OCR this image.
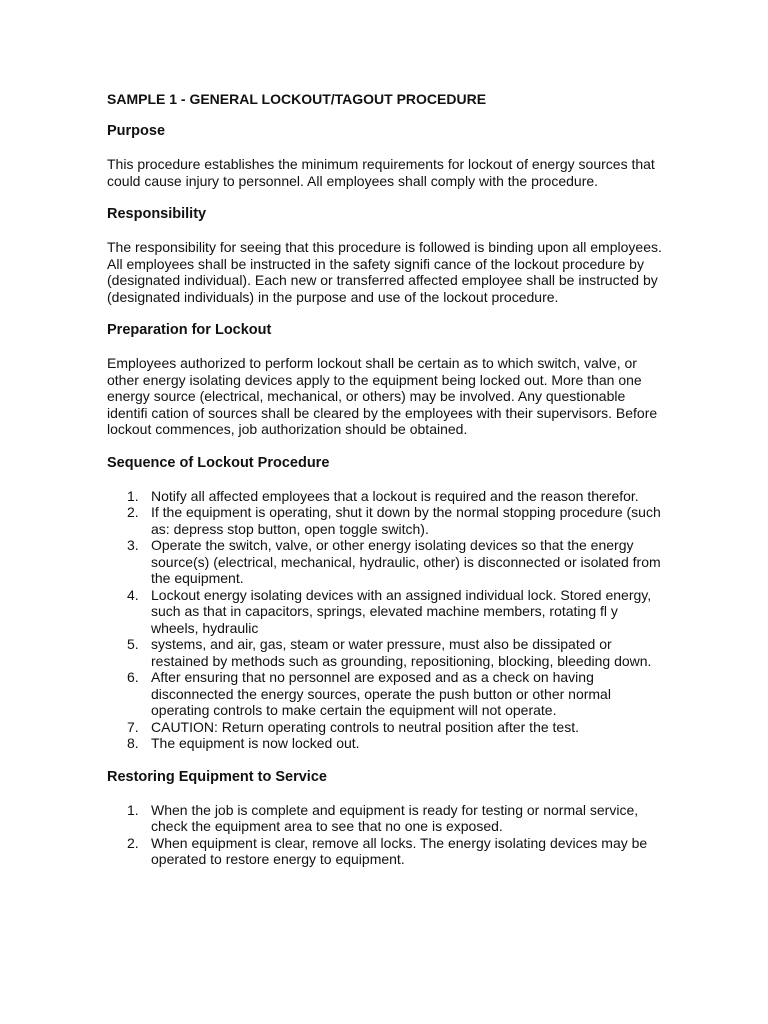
SAMPLE 1 - GENERAL LOCKOUT/TAGOUT PROCEDURE
Purpose
This procedure establishes the minimum requirements for lockout of energy sources that could cause injury to personnel. All employees shall comply with the procedure.
Responsibility
The responsibility for seeing that this procedure is followed is binding upon all employees. All employees shall be instructed in the safety signifi cance of the lockout procedure by (designated individual). Each new or transferred affected employee shall be instructed by (designated individuals) in the purpose and use of the lockout procedure.
Preparation for Lockout
Employees authorized to perform lockout shall be certain as to which switch, valve, or other energy isolating devices apply to the equipment being locked out. More than one energy source (electrical, mechanical, or others) may be involved. Any questionable identifi cation of sources shall be cleared by the employees with their supervisors. Before lockout commences, job authorization should be obtained.
Sequence of Lockout Procedure
1. Notify all affected employees that a lockout is required and the reason therefor.
2. If the equipment is operating, shut it down by the normal stopping procedure (such as: depress stop button, open toggle switch).
3. Operate the switch, valve, or other energy isolating devices so that the energy source(s) (electrical, mechanical, hydraulic, other) is disconnected or isolated from the equipment.
4. Lockout energy isolating devices with an assigned individual lock. Stored energy, such as that in capacitors, springs, elevated machine members, rotating fl y wheels, hydraulic
5. systems, and air, gas, steam or water pressure, must also be dissipated or restained by methods such as grounding, repositioning, blocking, bleeding down.
6. After ensuring that no personnel are exposed and as a check on having disconnected the energy sources, operate the push button or other normal operating controls to make certain the equipment will not operate.
7. CAUTION: Return operating controls to neutral position after the test.
8. The equipment is now locked out.
Restoring Equipment to Service
1. When the job is complete and equipment is ready for testing or normal service, check the equipment area to see that no one is exposed.
2. When equipment is clear, remove all locks. The energy isolating devices may be operated to restore energy to equipment.
